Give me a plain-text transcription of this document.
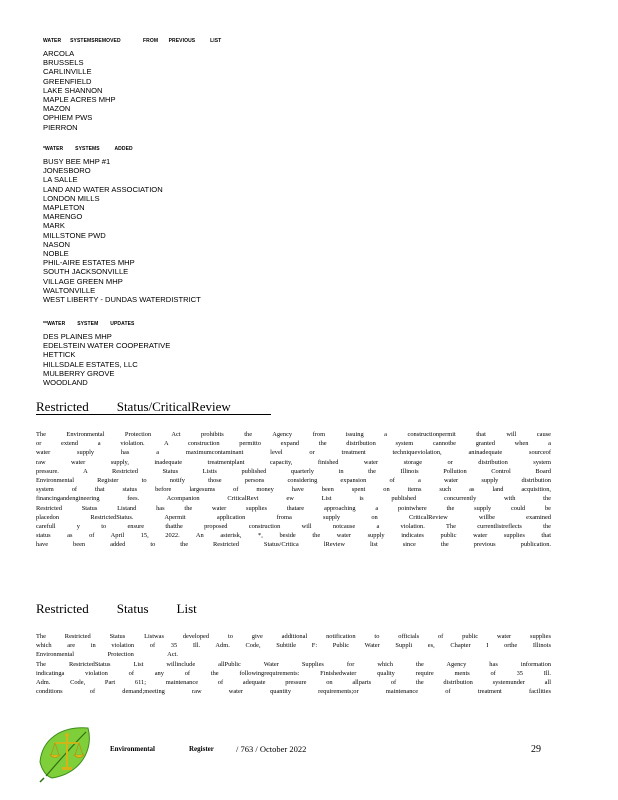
WATER      SYSTEMSREMOVED               FROM       PREVIOUS          LIST
ARCOLA
BRUSSELS
CARLINVILLE
GREENFIELD
LAKE SHANNON
MAPLE ACRES MHP
MAZON
OPHIEM PWS
PIERRON
*WATER        SYSTEMS          ADDED
BUSY BEE MHP #1
JONESBORO
LA SALLE
LAND AND WATER ASSOCIATION
LONDON MILLS
MAPLETON
MARENGO
MARK
MILLSTONE PWD
NASON
NOBLE
PHIL-AIRE ESTATES MHP
SOUTH JACKSONVILLE
VILLAGE GREEN MHP
WALTONVILLE
WEST LIBERTY - DUNDAS WATERDISTRICT
**WATER        SYSTEM        UPDATES
DES PLAINES MHP
EDELSTEIN WATER COOPERATIVE
HETTICK
HILLSDALE ESTATES, LLC
MULBERRY GROVE
WOODLAND
Restricted Status/CriticalReview
The Environmental Protection Act prohibits the Agency from issuing a constructionpermit that will cause
or extend a violation. A construction permitto expand the distribution system cannotbe granted when a
water supply has a maximumcontaminant level or treatment techniqueviolation, aninadequate sourceof
raw water supply, inadequate treatmentplant capacity, finished water storage or distribution system
pressure. A Restricted Status Listis published quarterly in the Illinois Pollution Control Board
Environmental Register to notify those persons considering expansion of a water supply distribution
system of that status before largesums of money have been spent on items such as land acquisition,
financingandengineering fees. Acompanion CriticalRevi ew List is published concurrently with the
Restricted Status Listand has the water supplies thatare approaching a pointwhere the supply could be
placedon RestrictedStatus. Apermit application froma supply on CriticalReview willbe examined
carefull y to ensure thatthe proposed construction will notcause a violation. The currentlistreflects the
status as of April 15, 2022. An asterisk, *, beside the water supply indicates public water supplies that
have been added to the Restricted Status/Critica lReview list since the previous publication.
Restricted Status List
The Restricted Status Listwas developed to give additional notification to officials of public water supplies
which are in violation of 35 Ill. Adm. Code, Subtitle F: Public Water Suppli es, Chapter I orthe Illinois
Environmental Protection Act.
The RestrictedStatus List willinclude allPublic Water Supplies for which the Agency has information
indicatinga violation of any of the followingrequirements: Finishedwater quality require ments of 35 Ill.
Adm. Code, Part 611; maintenance of adequate pressure on allparts of the distribution systemunder all
conditions of demand;meeting raw water quantity requirements;or maintenance of treatment facilities
Environmental	Register	/ 763 / October 2022	29
